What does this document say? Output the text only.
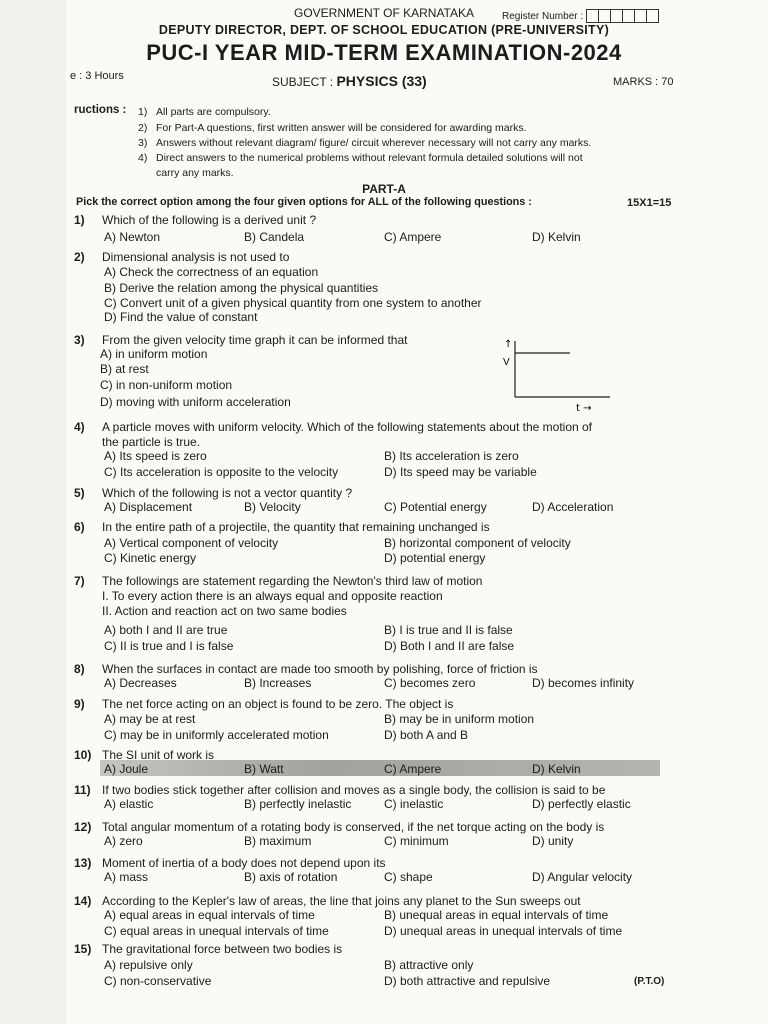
GOVERNMENT OF KARNATAKA	Register Number :
DEPUTY DIRECTOR, DEPT. OF SCHOOL EDUCATION (PRE-UNIVERSITY)
PUC-I YEAR MID-TERM EXAMINATION-2024
e : 3 Hours	SUBJECT : PHYSICS (33)	MARKS : 70
ructions : 1) All parts are compulsory.
2) For Part-A questions, first written answer will be considered for awarding marks.
3) Answers without relevant diagram/ figure/ circuit wherever necessary will not carry any marks.
4) Direct answers to the numerical problems without relevant formula detailed solutions will not
carry any marks.
PART-A
Pick the correct option among the four given options for ALL of the following questions :	15X1=15
1) Which of the following is a derived unit ?
A) Newton	B) Candela	C) Ampere	D) Kelvin
2) Dimensional analysis is not used to
A) Check the correctness of an equation
B) Derive the relation among the physical quantities
C) Convert unit of a given physical quantity from one system to another
D) Find the value of constant
3) From the given velocity time graph it can be informed that
A) in uniform motion
B) at rest
C) in non-uniform motion
D) moving with uniform acceleration
4) A particle moves with uniform velocity. Which of the following statements about the motion of
the particle is true.
A) Its speed is zero	B) Its acceleration is zero
C) Its acceleration is opposite to the velocity	D) Its speed may be variable
5) Which of the following is not a vector quantity ?
A) Displacement	B) Velocity	C) Potential energy	D) Acceleration
6) In the entire path of a projectile, the quantity that remaining unchanged is
A) Vertical component of velocity	B) horizontal component of velocity
C) Kinetic energy	D) potential energy
7) The followings are statement regarding the Newton's third law of motion
I. To every action there is an always equal and opposite reaction
II. Action and reaction act on two same bodies
A) both I and II are true	B) I is true and II is false
C) II is true and I is false	D) Both I and II are false
8) When the surfaces in contact are made too smooth by polishing, force of friction is
A) Decreases	B) Increases	C) becomes zero	D) becomes infinity
9) The net force acting on an object is found to be zero. The object is
A) may be at rest	B) may be in uniform motion
C) may be in uniformly accelerated motion	D) both A and B
10) The SI unit of work is
A) Joule	B) Watt	C) Ampere	D) Kelvin
11) If two bodies stick together after collision and moves as a single body, the collision is said to be
A) elastic	B) perfectly inelastic	C) inelastic	D) perfectly elastic
12) Total angular momentum of a rotating body is conserved, if the net torque acting on the body is
A) zero	B) maximum	C) minimum	D) unity
13) Moment of inertia of a body does not depend upon its
A) mass	B) axis of rotation	C) shape	D) Angular velocity
14) According to the Kepler's law of areas, the line that joins any planet to the Sun sweeps out
A) equal areas in equal intervals of time	B) unequal areas in equal intervals of time
C) equal areas in unequal intervals of time	D) unequal areas in unequal intervals of time
15) The gravitational force between two bodies is
A) repulsive only	B) attractive only
C) non-conservative	D) both attractive and repulsive
↑
V
t →
(P.T.O)
